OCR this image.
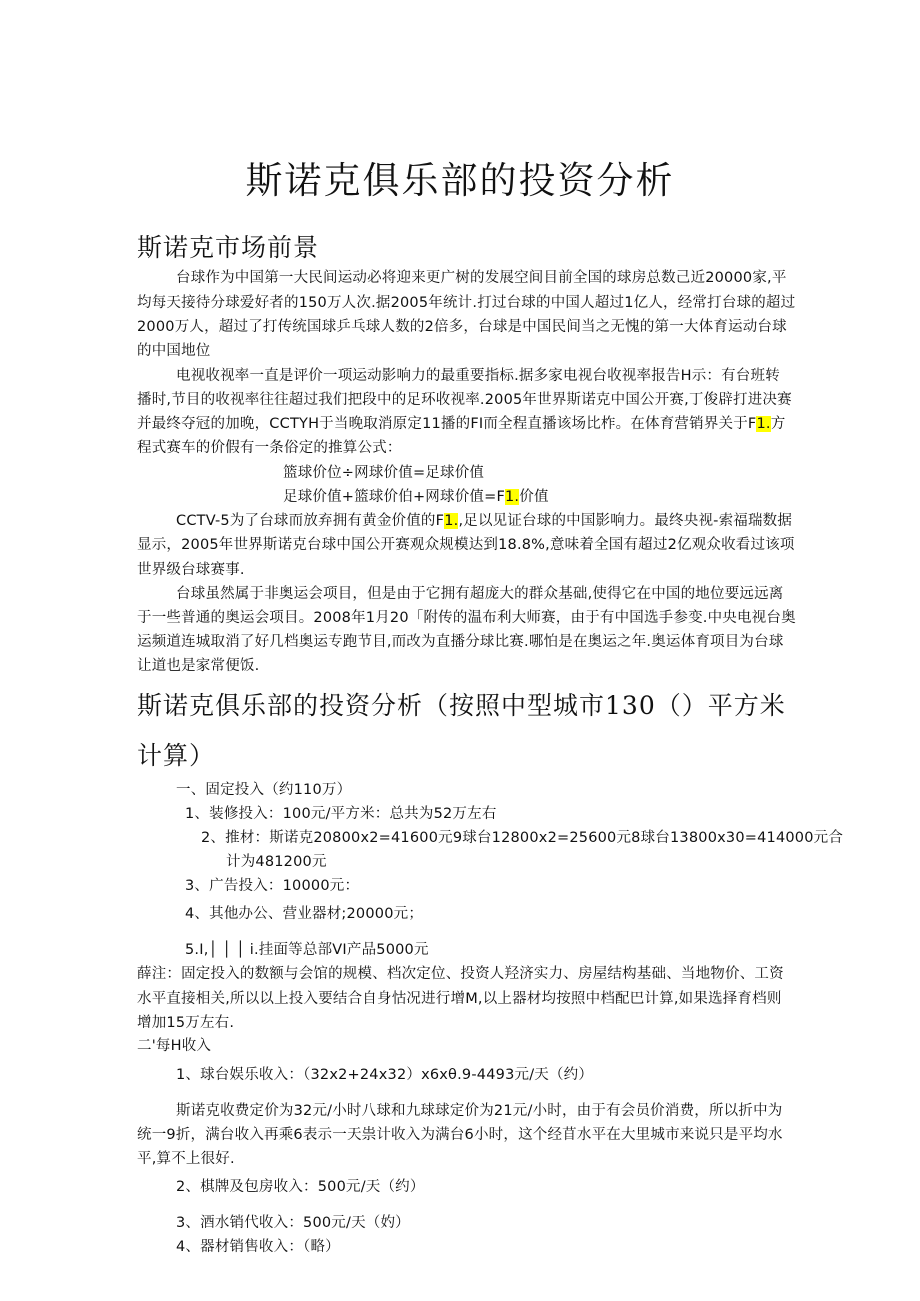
斯诺克俱乐部的投资分析
斯诺克市场前景
台球作为中国第一大民间运动必将迎来更广树的发展空间目前全国的球房总数己近20000家,平
均每天接待分球爱好者的150万人次.据2005年统计.打过台球的中国人超过1亿人，经常打台球的超过
2000万人，超过了打传统国球乒乓球人数的2倍多，台球是中国民间当之无愧的第一大体育运动台球
的中国地位
电视收视率一直是评价一项运动影响力的最重要指标.据多家电视台收视率报告H示：有台班转
播时,节目的收视率往往超过我们把段中的足环收视率.2005年世界斯诺克中国公开赛,丁俊辟打进决赛
并最终夺冠的加晚，CCTYH于当晚取消原定11播的FI而全程直播该场比柞。在体育营销界关于F1.方
程式赛车的价假有一条俗定的推算公式：
篮球价位÷网球价值=足球价值
足球价值+篮球价伯+网球价值=F1.价值
CCTV-5为了台球而放弃拥有黄金价值的F1.,足以见证台球的中国影响力。最终央视-索福瑞数据
显示，2005年世界斯诺克台球中国公开赛观众规模达到18.8%,意味着全国有超过2亿观众收看过该项
世界级台球赛事.
台球虽然属于非奥运会项目，但是由于它拥有超庞大的群众基础,使得它在中国的地位要远远离
于一些普通的奥运会项目。2008年1月20「附传的温布利大师赛，由于有中国选手参变.中央电视台奥
运频道连城取消了好几档奥运专跑节目,而改为直播分球比赛.哪怕是在奥运之年.奥运体育项目为台球
让道也是家常便饭.
斯诺克俱乐部的投资分析（按照中型城市130（）平方米
计算）
一、固定投入（约110万）
1、装修投入：100元/平方米：总共为52万左右
2、推材：斯诺克20800x2=41600元9球台12800x2=25600元8球台13800x30=414000元合
计为481200元
3、广告投入：10000元：
4、其他办公、营业器材;20000元；
5.I,│ │ │ i.挂面等总部VI产品5000元
薛注：固定投入的数额与会馆的规模、档次定位、投资人羟济实力、房屋结构基础、当地物价、工资
水平直接相关,所以以上投入要结合自身怙况进行增M,以上器材均按照中档配巴计算,如果选择育档则
增加15万左右.
二'每H收入
1、球台娱乐收入：（32x2+24x32）x6xθ.9-4493元/天（约）
斯诺克收费定价为32元/小时八球和九球球定价为21元/小时，由于有会员价消费，所以折中为
统一9折，满台收入再乘6表示一天祟计收入为满台6小时，这个经苜水平在大里城市来说只是平均水
平,算不上很好.
2、棋牌及包房收入：500元/天（约）
3、酒水销代收入：500元/天（妁）
4、器材销售收入：（略）
